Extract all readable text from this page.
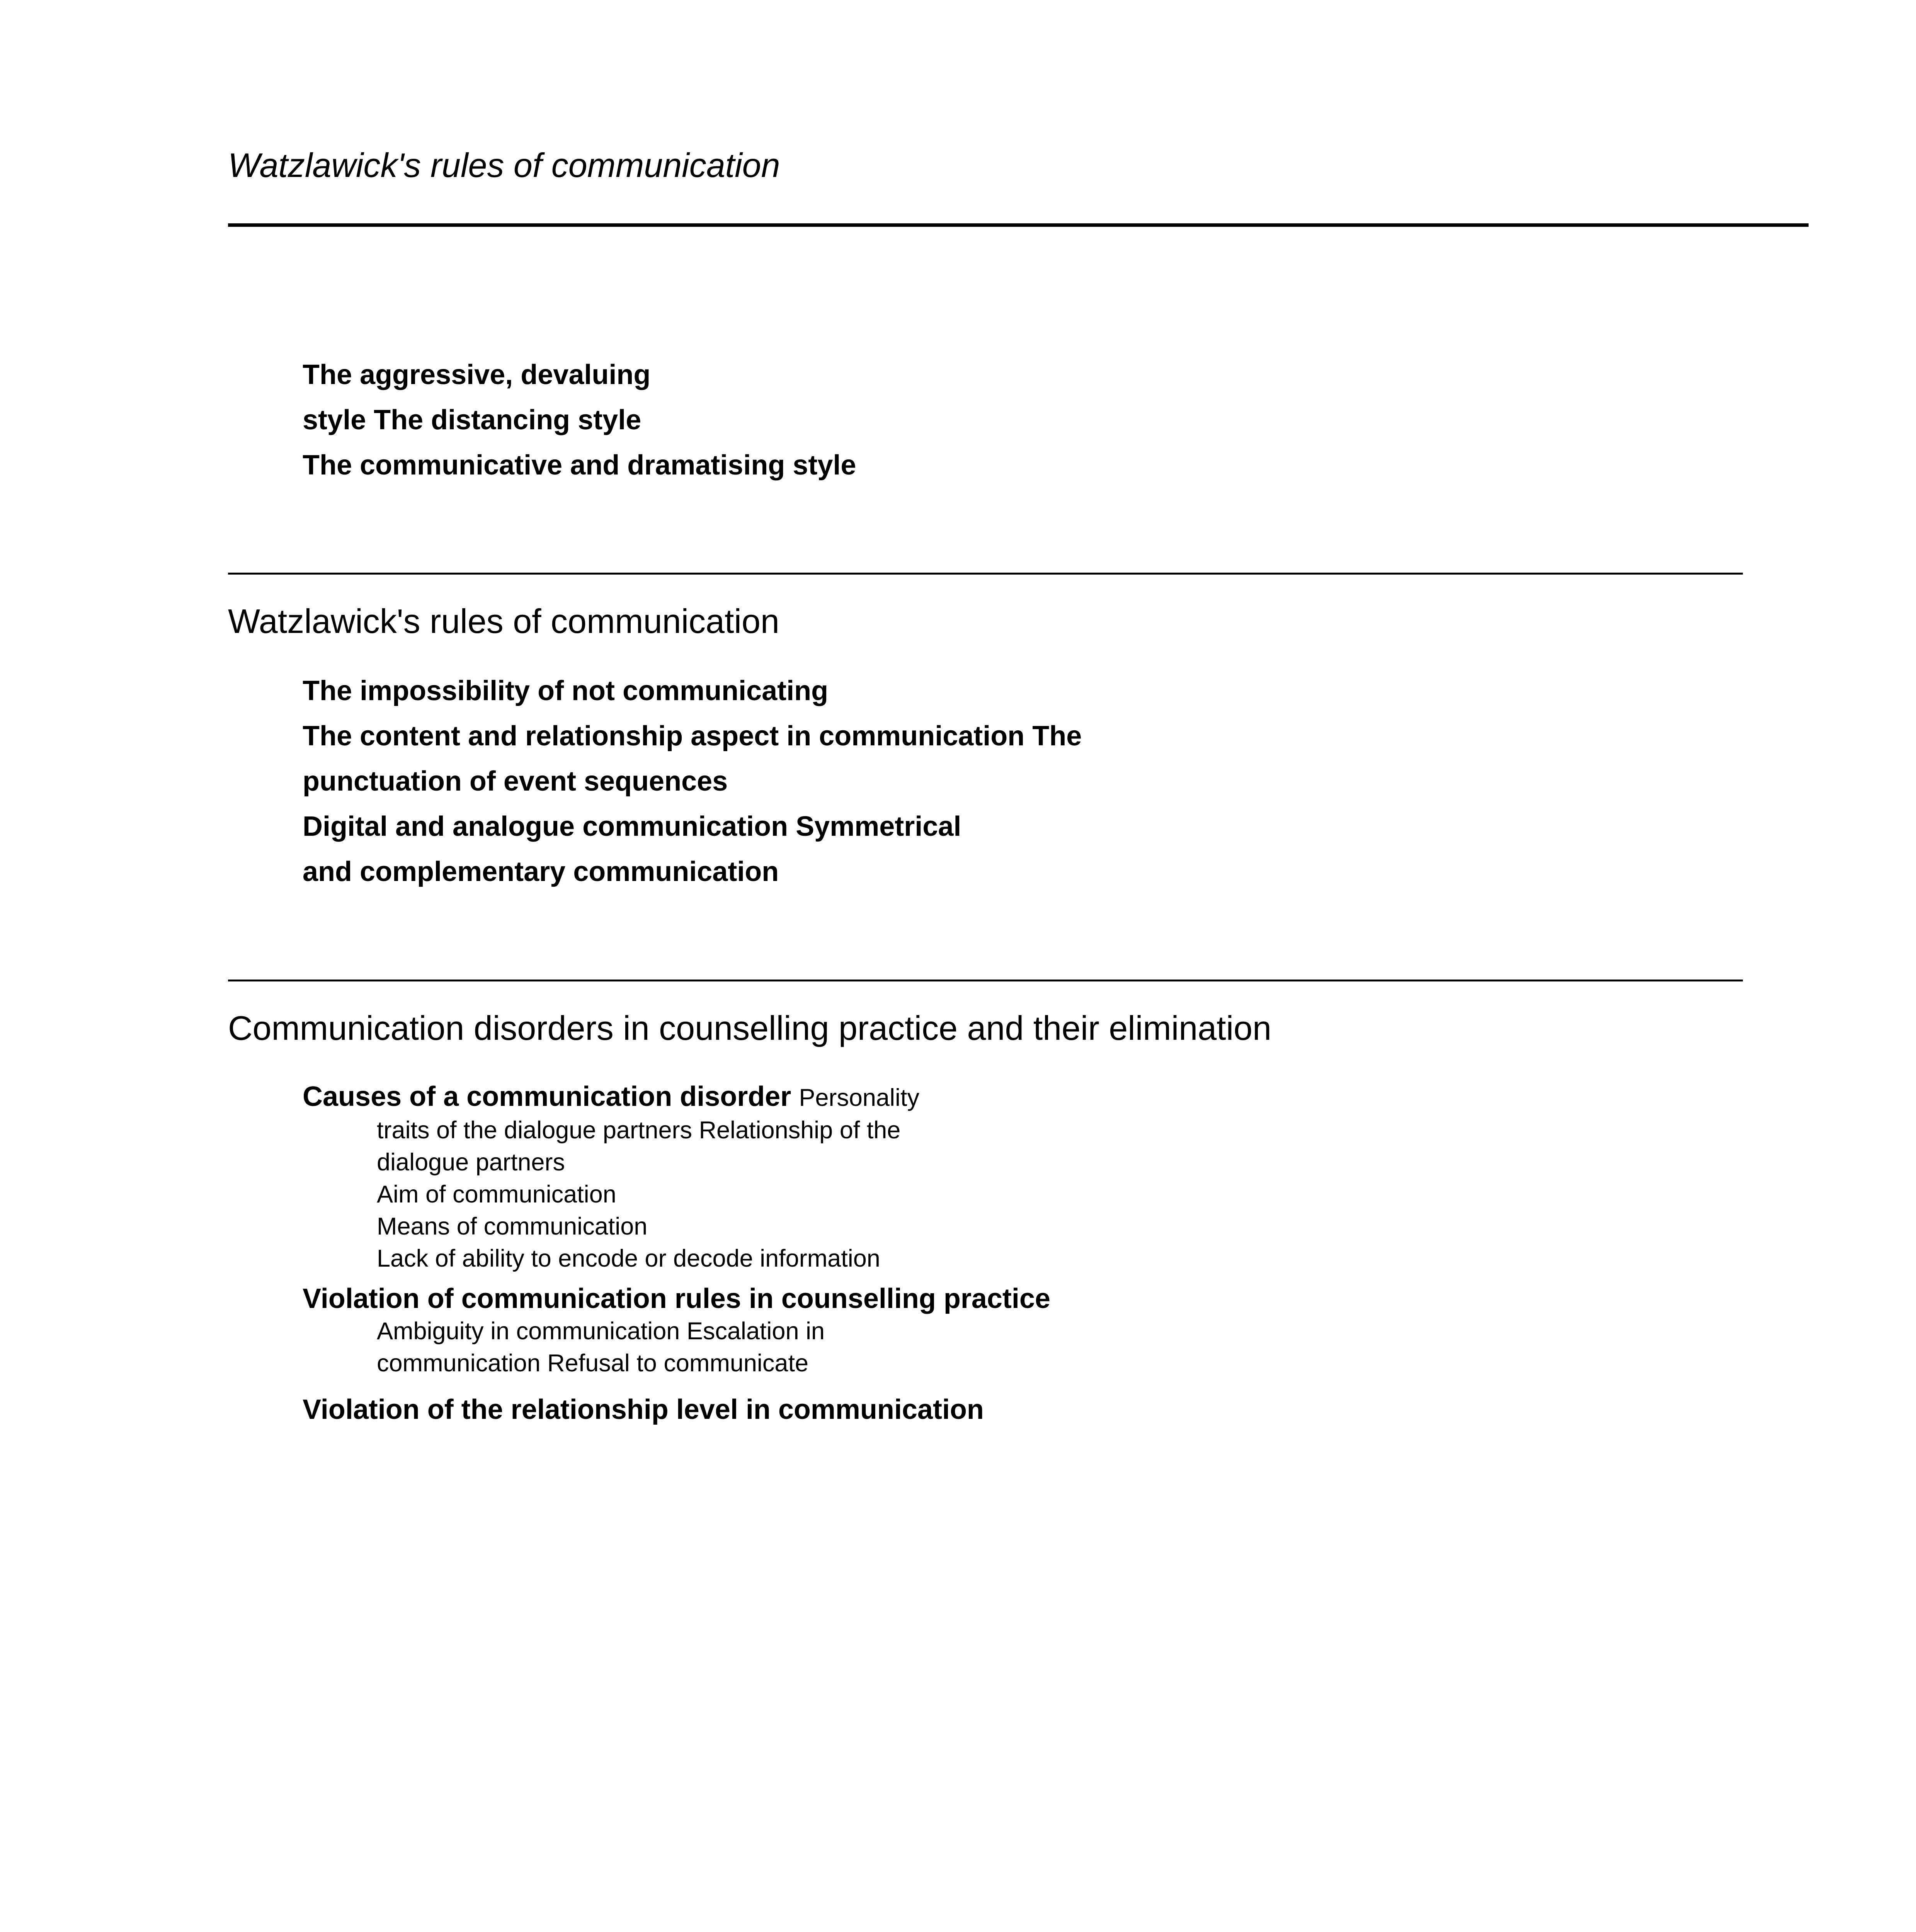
Watzlawick's rules of communication
The aggressive, devaluing
style The distancing style
The communicative and dramatising style
Watzlawick's rules of communication
The impossibility of not communicating
The content and relationship aspect in communication The
punctuation of event sequences
Digital and analogue communication Symmetrical
and complementary communication
Communication disorders in counselling practice and their elimination
Causes of a communication disorder Personality
traits of the dialogue partners Relationship of the
dialogue partners
Aim of communication
Means of communication
Lack of ability to encode or decode information
Violation of communication rules in counselling practice
Ambiguity in communication Escalation in
communication Refusal to communicate
Violation of the relationship level in communication
